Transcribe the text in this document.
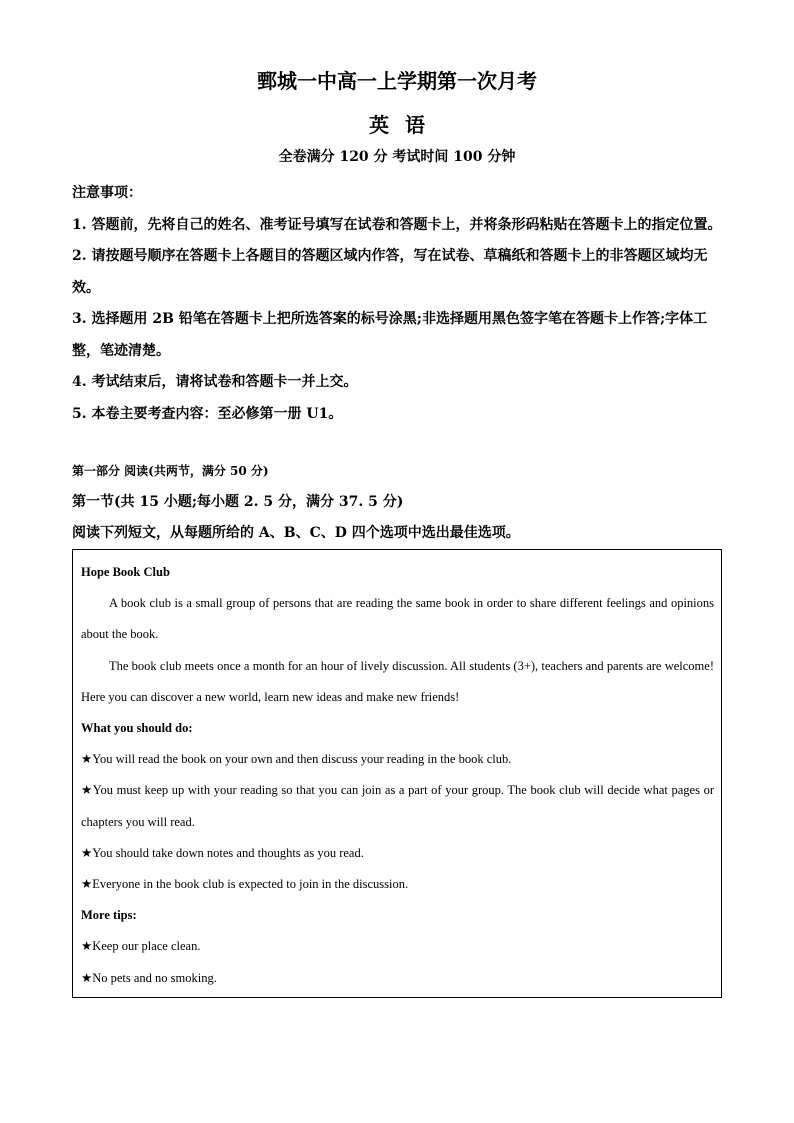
鄄城一中高一上学期第一次月考
英语
全卷满分 120 分 考试时间 100 分钟

注意事项：

1. 答题前，先将自己的姓名、准考证号填写在试卷和答题卡上，并将条形码粘贴在答题卡上的指定位置。

2. 请按题号顺序在答题卡上各题目的答题区域内作答，写在试卷、草稿纸和答题卡上的非答题区域均无效。

3. 选择题用 2B 铅笔在答题卡上把所选答案的标号涂黑;非选择题用黑色签字笔在答题卡上作答;字体工整，笔迹清楚。

4. 考试结束后，请将试卷和答题卡一并上交。

5. 本卷主要考查内容：至必修第一册 U1。

第一部分 阅读(共两节，满分 50 分)
第一节(共 15 小题;每小题 2. 5 分，满分 37. 5 分)
阅读下列短文，从每题所给的 A、B、C、D 四个选项中选出最佳选项。

Hope Book Club

A book club is a small group of persons that are reading the same book in order to share different feelings and opinions about the book.

The book club meets once a month for an hour of lively discussion. All students (3+), teachers and parents are welcome! Here you can discover a new world, learn new ideas and make new friends!

What you should do:

★You will read the book on your own and then discuss your reading in the book club.

★You must keep up with your reading so that you can join as a part of your group. The book club will decide what pages or chapters you will read.

★You should take down notes and thoughts as you read.

★Everyone in the book club is expected to join in the discussion.

More tips:

★Keep our place clean.

★No pets and no smoking.
